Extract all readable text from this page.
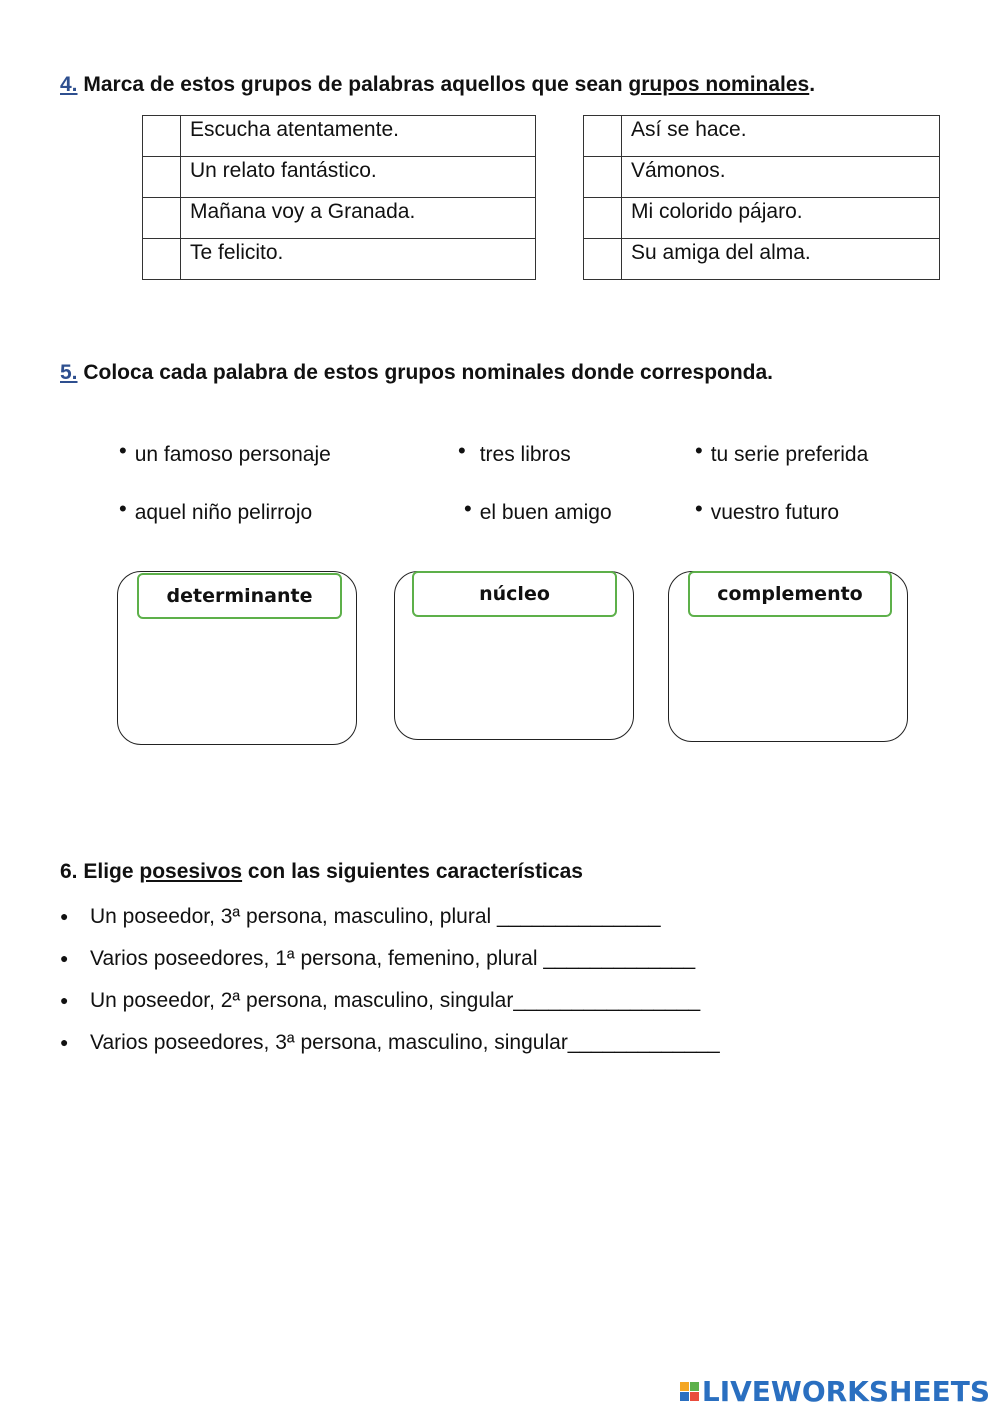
4. Marca de estos grupos de palabras aquellos que sean grupos nominales.
	Escucha atentamente.
	Un relato fantástico.
	Mañana voy a Granada.
	Te felicito.
	Así se hace.
	Vámonos.
	Mi colorido pájaro.
	Su amiga del alma.
5. Coloca cada palabra de estos grupos nominales donde corresponda.
• un famoso personaje	• tres libros	• tu serie preferida
• aquel niño pelirrojo	• el buen amigo	• vuestro futuro
determinante	núcleo	complemento
6. Elige posesivos con las siguientes características
● Un poseedor, 3ª persona, masculino, plural ______________
● Varios poseedores, 1ª persona, femenino, plural _____________
● Un poseedor, 2ª persona, masculino, singular________________
● Varios poseedores, 3ª persona, masculino, singular_____________
LIVEWORKSHEETS
